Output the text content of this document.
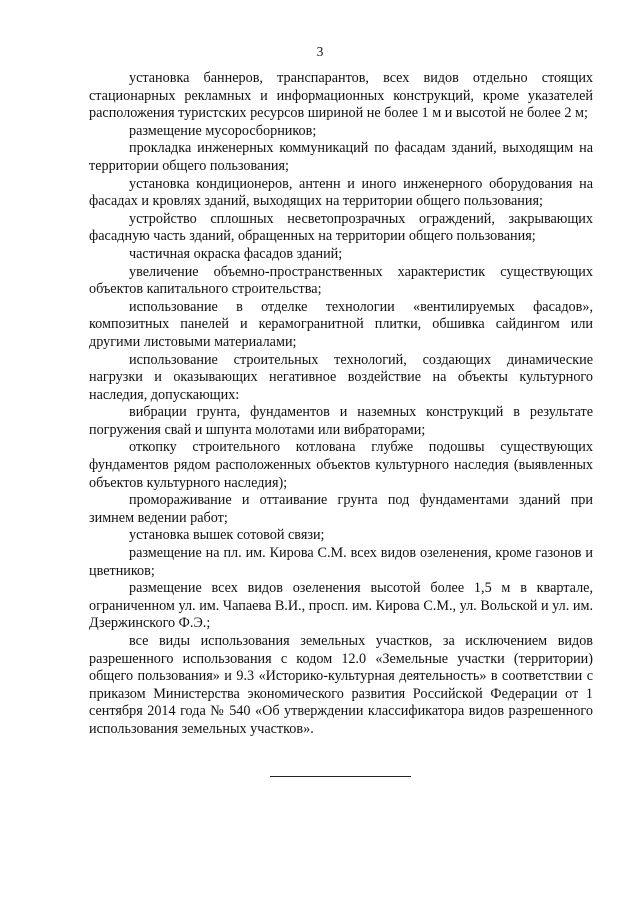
3

установка баннеров, транспарантов, всех видов отдельно стоящих стационарных рекламных и информационных конструкций, кроме указателей расположения туристских ресурсов шириной не более 1 м и высотой не более 2 м;

размещение мусоросборников;

прокладка инженерных коммуникаций по фасадам зданий, выходящим на территории общего пользования;

установка кондиционеров, антенн и иного инженерного оборудования на фасадах и кровлях зданий, выходящих на территории общего пользования;

устройство сплошных несветопрозрачных ограждений, закрывающих фасадную часть зданий, обращенных на территории общего пользования;

частичная окраска фасадов зданий;

увеличение объемно-пространственных характеристик существующих объектов капитального строительства;

использование в отделке технологии «вентилируемых фасадов», композитных панелей и керамогранитной плитки, обшивка сайдингом или другими листовыми материалами;

использование строительных технологий, создающих динамические нагрузки и оказывающих негативное воздействие на объекты культурного наследия, допускающих:

вибрации грунта, фундаментов и наземных конструкций в результате погружения свай и шпунта молотами или вибраторами;

откопку строительного котлована глубже подошвы существующих фундаментов рядом расположенных объектов культурного наследия (выявленных объектов культурного наследия);

промораживание и оттаивание грунта под фундаментами зданий при зимнем ведении работ;

установка вышек сотовой связи;

размещение на пл. им. Кирова С.М. всех видов озеленения, кроме газонов и цветников;

размещение всех видов озеленения высотой более 1,5 м в квартале, ограниченном ул. им. Чапаева В.И., просп. им. Кирова С.М., ул. Вольской и ул. им. Дзержинского Ф.Э.;

все виды использования земельных участков, за исключением видов разрешенного использования с кодом 12.0 «Земельные участки (территории) общего пользования» и 9.3 «Историко-культурная деятельность» в соответствии с приказом Министерства экономического развития Российской Федерации от 1 сентября 2014 года № 540 «Об утверждении классификатора видов разрешенного использования земельных участков».
